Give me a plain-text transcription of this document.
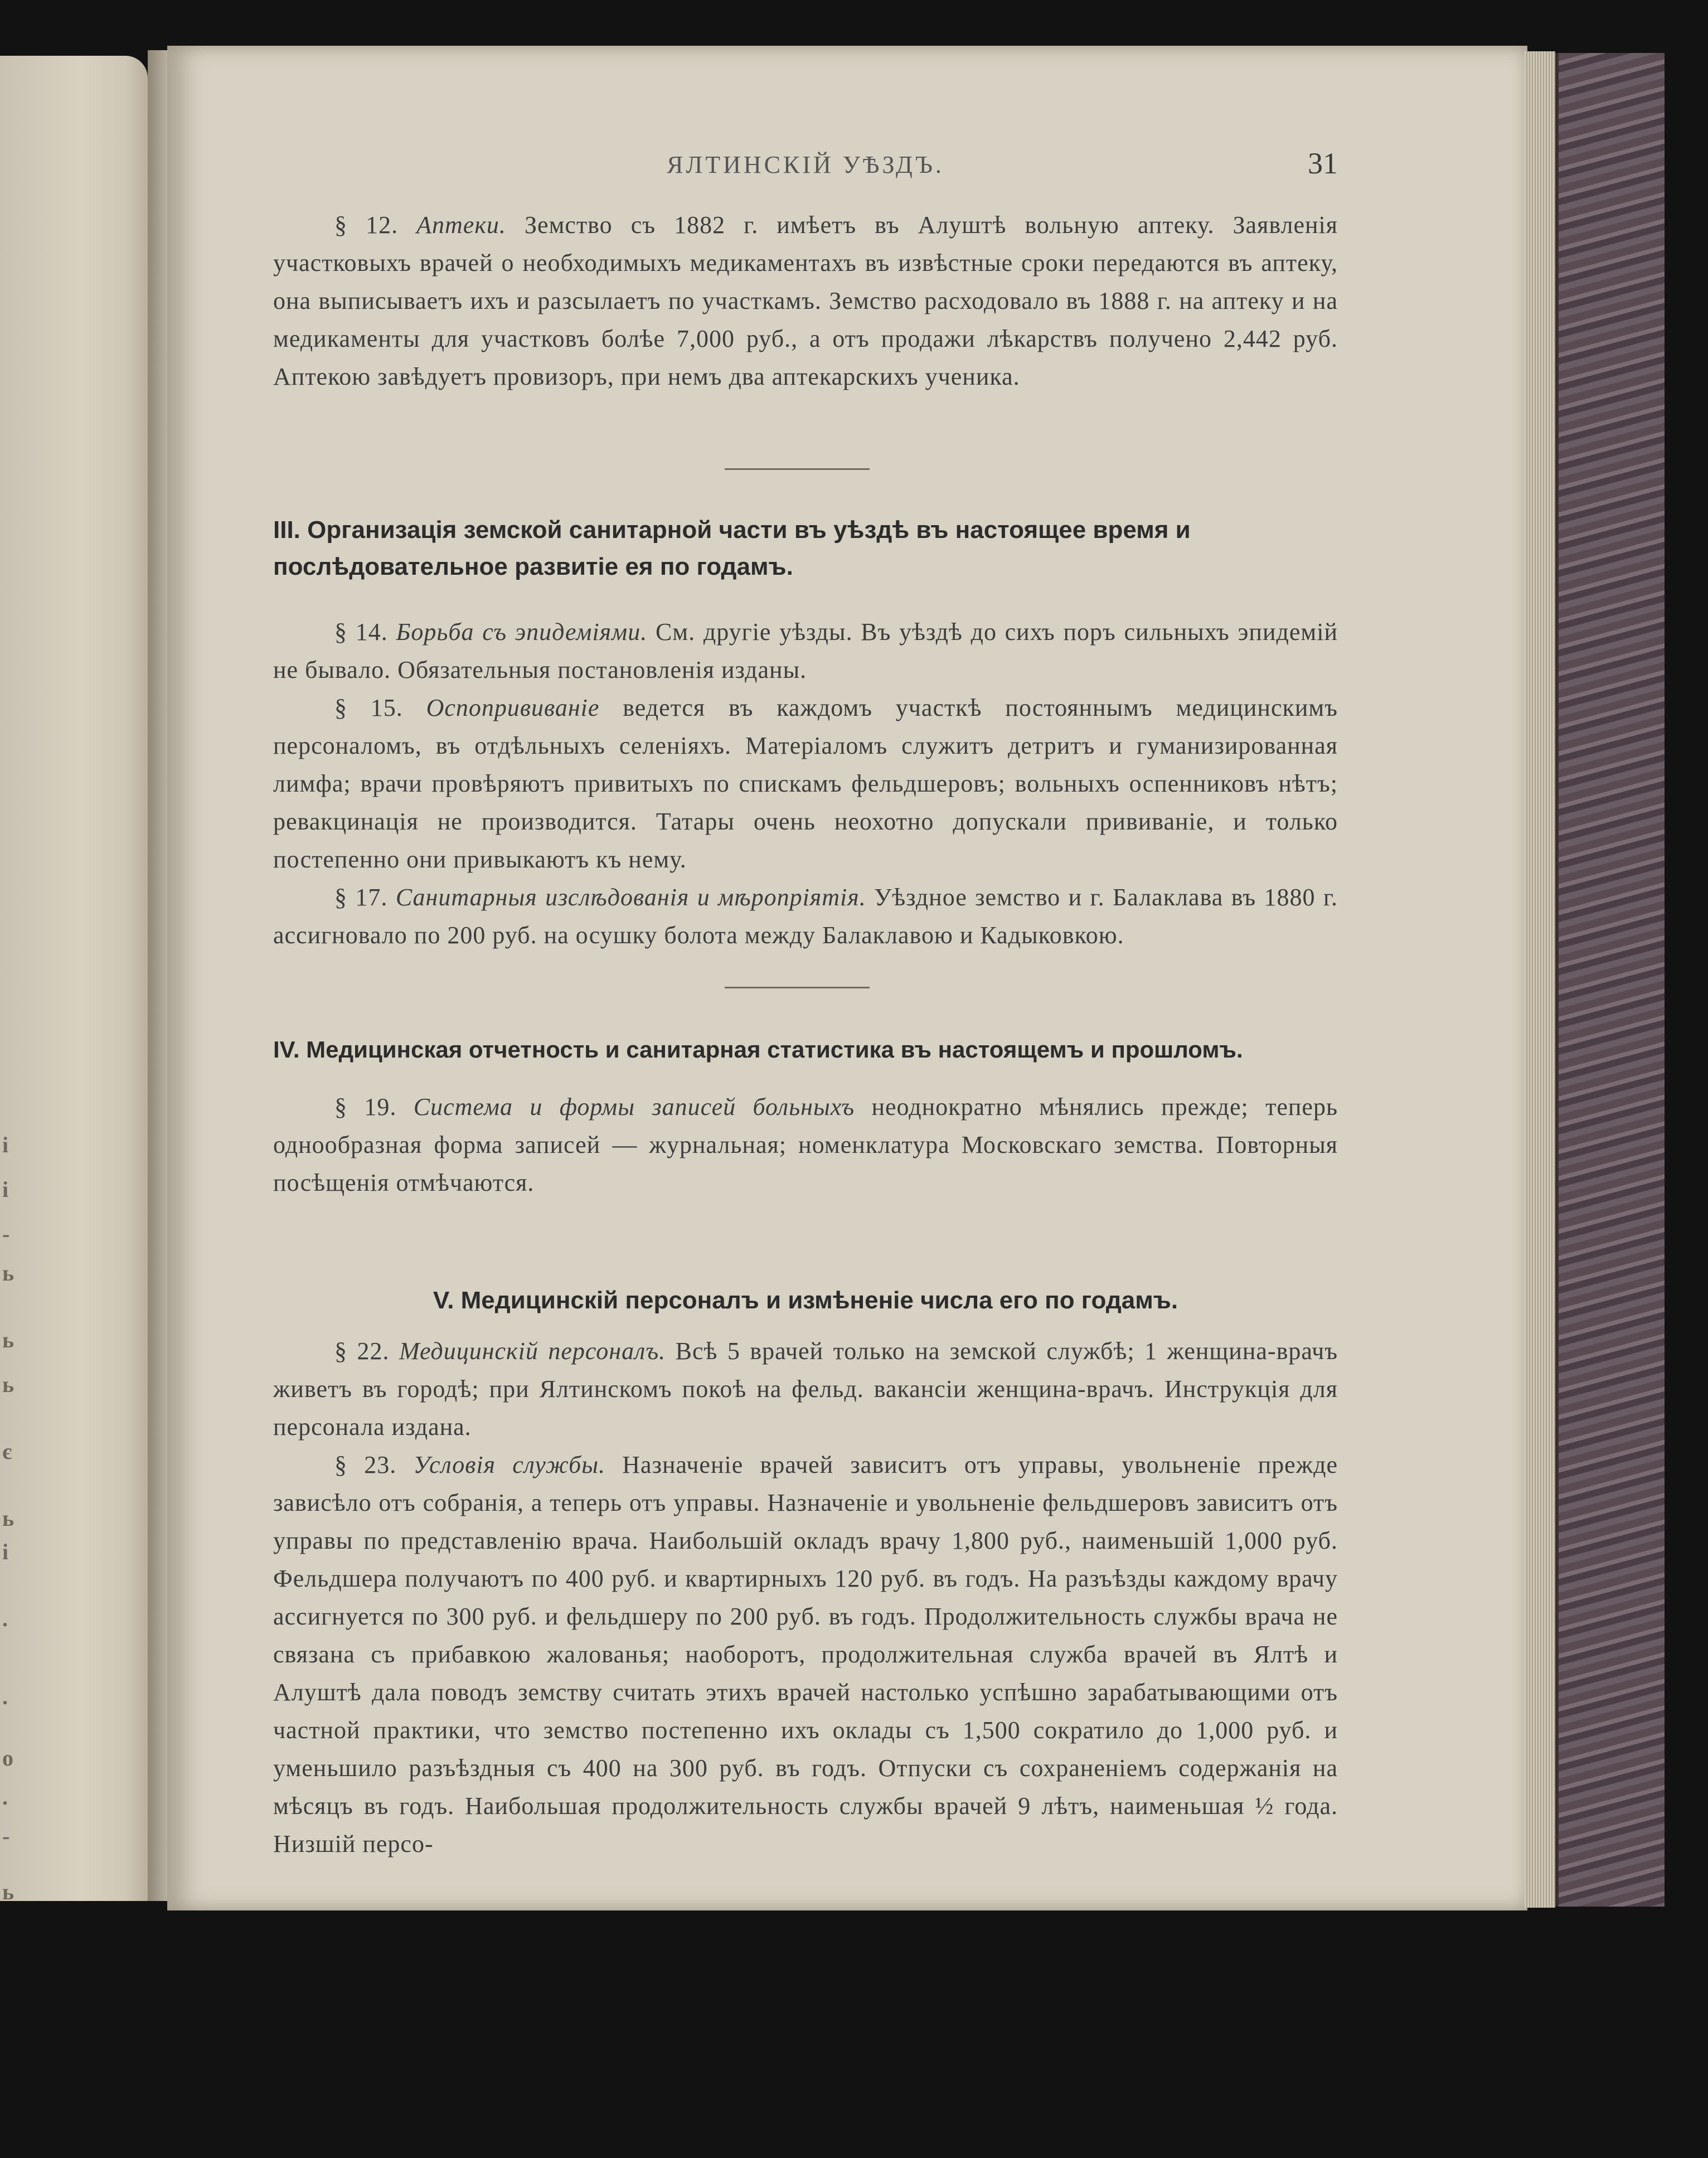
і
і
-
ь
ь
ь
є
ь
і
.
.
о
.
-
ь
ЯЛТИНСКІЙ УѢЗДЪ.	31

§ 12. Аптеки. Земство съ 1882 г. имѣетъ въ Алуштѣ вольную аптеку. Заявленія участковыхъ врачей о необходимыхъ медикаментахъ въ извѣстные сроки передаются въ аптеку, она выписываетъ ихъ и разсылаетъ по участкамъ. Земство расходовало въ 1888 г. на аптеку и на медикаменты для участковъ болѣе 7,000 руб., а отъ продажи лѣкарствъ получено 2,442 руб. Аптекою завѣдуетъ провизоръ, при немъ два аптекарскихъ ученика.

III. Организація земской санитарной части въ уѣздѣ въ настоящее время и послѣдовательное развитіе ея по годамъ.

§ 14. Борьба съ эпидеміями. См. другіе уѣзды. Въ уѣздѣ до сихъ поръ сильныхъ эпидемій не бывало. Обязательныя постановленія изданы.

§ 15. Оспопрививаніе ведется въ каждомъ участкѣ постояннымъ медицинскимъ персоналомъ, въ отдѣльныхъ селеніяхъ. Матеріаломъ служитъ детритъ и гуманизированная лимфа; врачи провѣряютъ привитыхъ по спискамъ фельдшеровъ; вольныхъ оспенниковъ нѣтъ; ревакцинація не производится. Татары очень неохотно допускали прививаніе, и только постепенно они привыкаютъ къ нему.

§ 17. Санитарныя изслѣдованія и мѣропріятія. Уѣздное земство и г. Балаклава въ 1880 г. ассигновало по 200 руб. на осушку болота между Балаклавою и Кадыковкою.

IV. Медицинская отчетность и санитарная статистика въ настоящемъ и прошломъ.

§ 19. Система и формы записей больныхъ неоднократно мѣнялись прежде; теперь однообразная форма записей — журнальная; номенклатура Московскаго земства. Повторныя посѣщенія отмѣчаются.

V. Медицинскій персоналъ и измѣненіе числа его по годамъ.

§ 22. Медицинскій персоналъ. Всѣ 5 врачей только на земской службѣ; 1 женщина-врачъ живетъ въ городѣ; при Ялтинскомъ покоѣ на фельд. вакансіи женщина-врачъ. Инструкція для персонала издана.

§ 23. Условія службы. Назначеніе врачей зависитъ отъ управы, увольненіе прежде зависѣло отъ собранія, а теперь отъ управы. Назначеніе и увольненіе фельдшеровъ зависитъ отъ управы по представленію врача. Наибольшій окладъ врачу 1,800 руб., наименьшій 1,000 руб. Фельдшера получаютъ по 400 руб. и квартирныхъ 120 руб. въ годъ. На разъѣзды каждому врачу ассигнуется по 300 руб. и фельдшеру по 200 руб. въ годъ. Продолжительность службы врача не связана съ прибавкою жалованья; наоборотъ, продолжительная служба врачей въ Ялтѣ и Алуштѣ дала поводъ земству считать этихъ врачей настолько успѣшно зарабатывающими отъ частной практики, что земство постепенно ихъ оклады съ 1,500 сократило до 1,000 руб. и уменьшило разъѣздныя съ 400 на 300 руб. въ годъ. Отпуски съ сохраненіемъ содержанія на мѣсяцъ въ годъ. Наибольшая продолжительность службы врачей 9 лѣтъ, наименьшая ½ года. Низшій персо-
